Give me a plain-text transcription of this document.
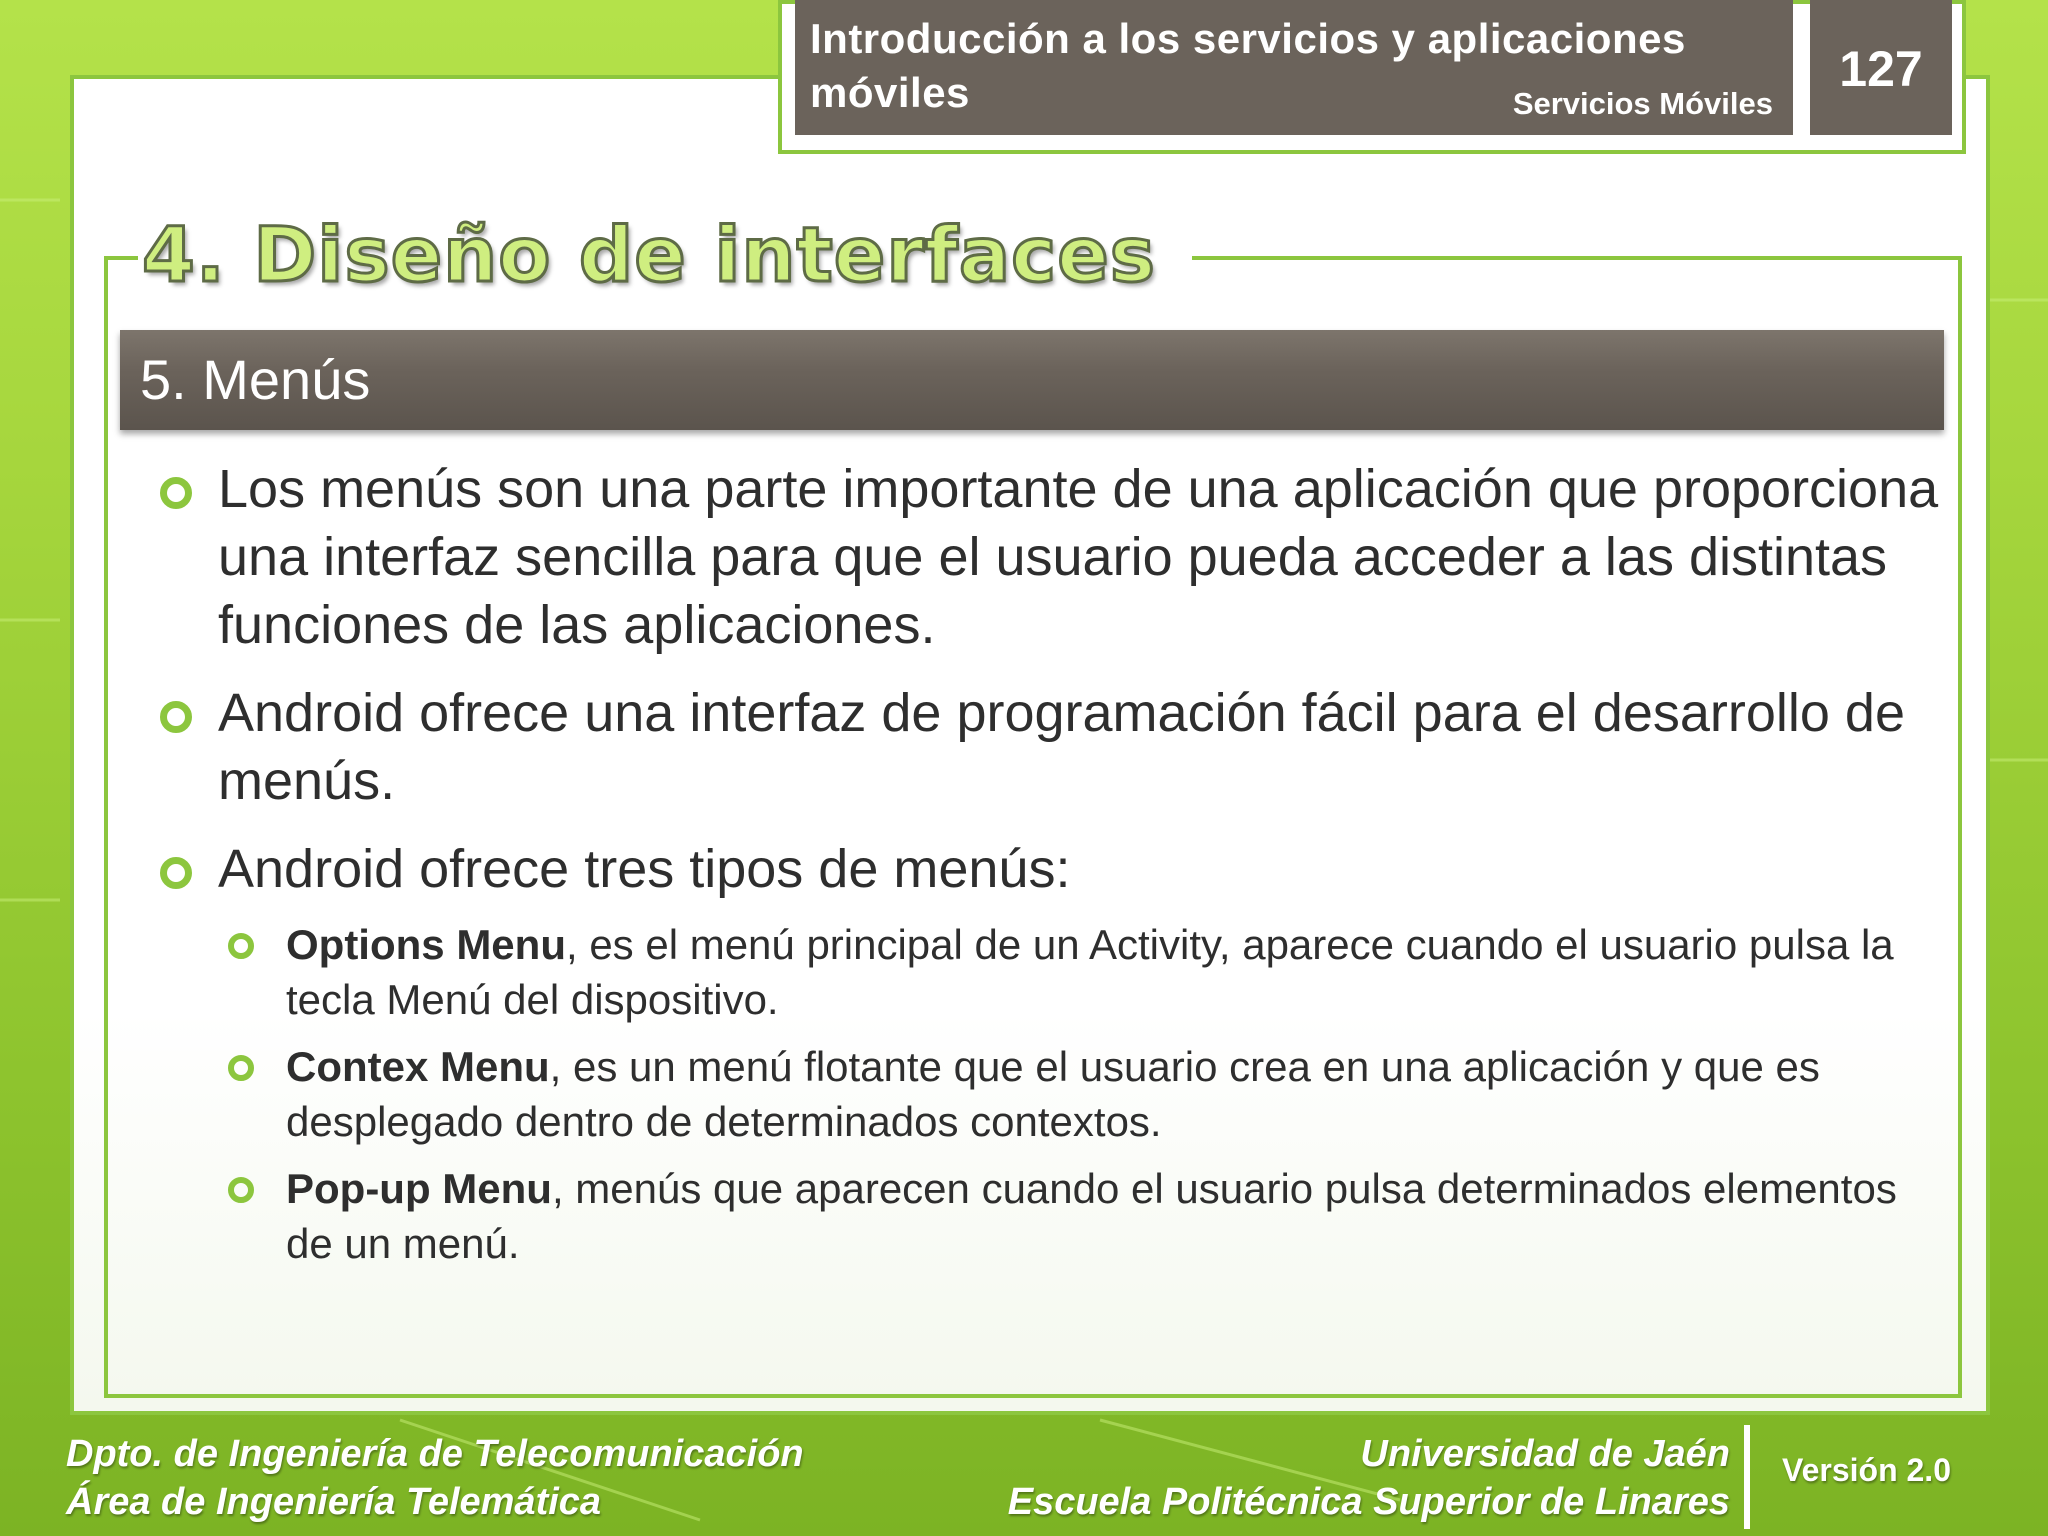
Introducción a los servicios y aplicaciones
móviles	Servicios Móviles
127
4. Diseño de interfaces
5. Menús
Los menús son una parte importante de una aplicación que proporciona una interfaz sencilla para que el usuario pueda acceder a las distintas funciones de las aplicaciones.
Android ofrece una interfaz de programación fácil para el desarrollo de menús.
Android ofrece tres tipos de menús:
Options Menu, es el menú principal de un Activity, aparece cuando el usuario pulsa la tecla Menú del dispositivo.
Contex Menu, es un menú flotante que el usuario crea en una aplicación y que es desplegado dentro de determinados contextos.
Pop-up Menu, menús que aparecen cuando el usuario pulsa determinados elementos de un menú.
Dpto. de Ingeniería de Telecomunicación
Área de Ingeniería Telemática
Universidad de Jaén
Escuela Politécnica Superior de Linares
Versión 2.0
